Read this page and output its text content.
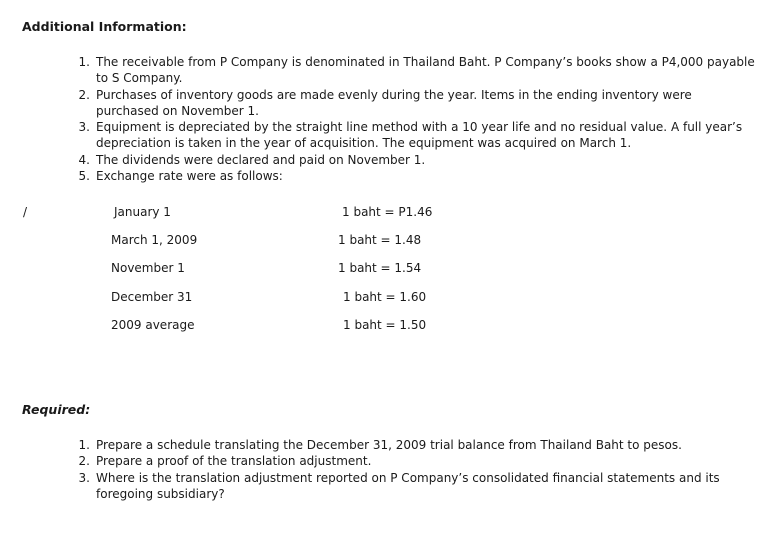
Additional Information:
1. The receivable from P Company is denominated in Thailand Baht. P Company’s books show a P4,000 payable to S Company.
2. Purchases of inventory goods are made evenly during the year. Items in the ending inventory were purchased on November 1.
3. Equipment is depreciated by the straight line method with a 10 year life and no residual value. A full year’s depreciation is taken in the year of acquisition. The equipment was acquired on March 1.
4. The dividends were declared and paid on November 1.
5. Exchange rate were as follows:
/	January 1	1 baht = P1.46
March 1, 2009	1 baht = 1.48
November 1	1 baht = 1.54
December 31	1 baht = 1.60
2009 average	1 baht = 1.50
Required:
1. Prepare a schedule translating the December 31, 2009 trial balance from Thailand Baht to pesos.
2. Prepare a proof of the translation adjustment.
3. Where is the translation adjustment reported on P Company’s consolidated financial statements and its foregoing subsidiary?
